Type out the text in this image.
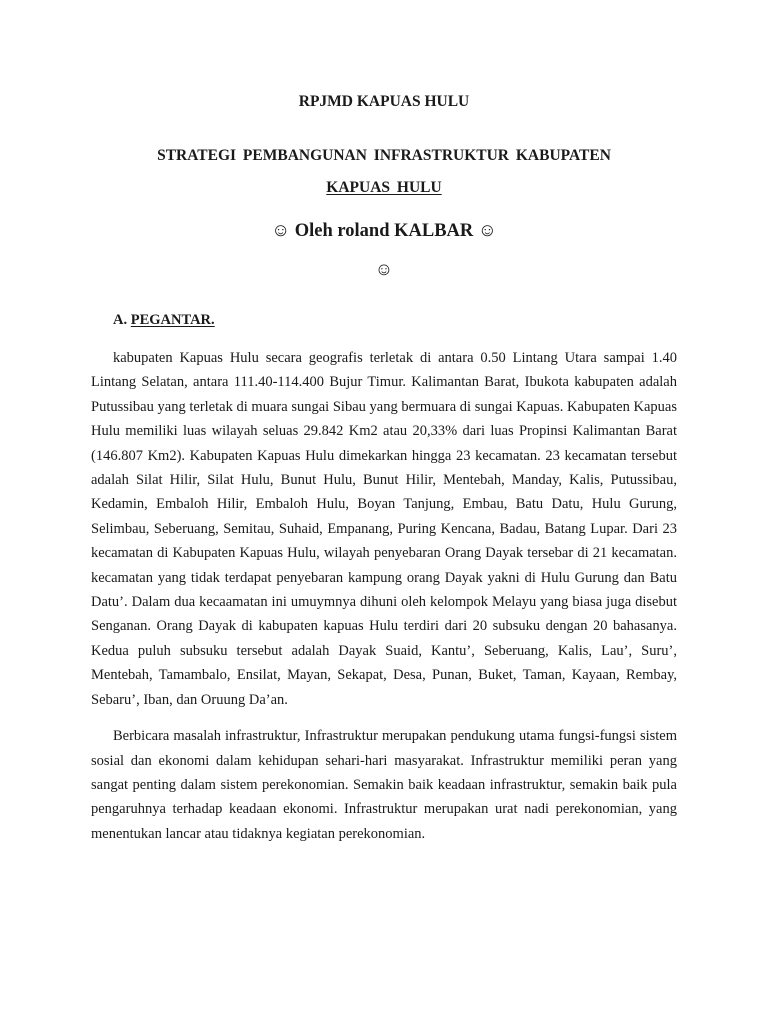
RPJMD KAPUAS HULU
STRATEGI PEMBANGUNAN INFRASTRUKTUR KABUPATEN
KAPUAS HULU

☺ Oleh roland KALBAR ☺

☺

A. PEGANTAR.

kabupaten Kapuas Hulu secara geografis terletak di antara 0.50 Lintang Utara sampai 1.40 Lintang Selatan, antara 111.40-114.400 Bujur Timur. Kalimantan Barat, Ibukota kabupaten adalah Putussibau yang terletak di muara sungai Sibau yang bermuara di sungai Kapuas. Kabupaten Kapuas Hulu memiliki luas wilayah seluas 29.842 Km2 atau 20,33% dari luas Propinsi Kalimantan Barat (146.807 Km2). Kabupaten Kapuas Hulu dimekarkan hingga 23 kecamatan. 23 kecamatan tersebut adalah Silat Hilir, Silat Hulu, Bunut Hulu, Bunut Hilir, Mentebah, Manday, Kalis, Putussibau, Kedamin, Embaloh Hilir, Embaloh Hulu, Boyan Tanjung, Embau, Batu Datu, Hulu Gurung, Selimbau, Seberuang, Semitau, Suhaid, Empanang, Puring Kencana, Badau, Batang Lupar. Dari 23 kecamatan di Kabupaten Kapuas Hulu, wilayah penyebaran Orang Dayak tersebar di 21 kecamatan. kecamatan yang tidak terdapat penyebaran kampung orang Dayak yakni di Hulu Gurung dan Batu Datu’. Dalam dua kecaamatan ini umuymnya dihuni oleh kelompok Melayu yang biasa juga disebut Senganan. Orang Dayak di kabupaten kapuas Hulu terdiri dari 20 subsuku dengan 20 bahasanya. Kedua puluh subsuku tersebut adalah Dayak Suaid, Kantu’, Seberuang, Kalis, Lau’, Suru’, Mentebah, Tamambalo, Ensilat, Mayan, Sekapat, Desa, Punan, Buket, Taman, Kayaan, Rembay, Sebaru’, Iban, dan Oruung Da’an.

Berbicara masalah infrastruktur, Infrastruktur merupakan pendukung utama fungsi-fungsi sistem sosial dan ekonomi dalam kehidupan sehari-hari masyarakat. Infrastruktur memiliki peran yang sangat penting dalam sistem perekonomian. Semakin baik keadaan infrastruktur, semakin baik pula pengaruhnya terhadap keadaan ekonomi. Infrastruktur merupakan urat nadi perekonomian, yang menentukan lancar atau tidaknya kegiatan perekonomian.
